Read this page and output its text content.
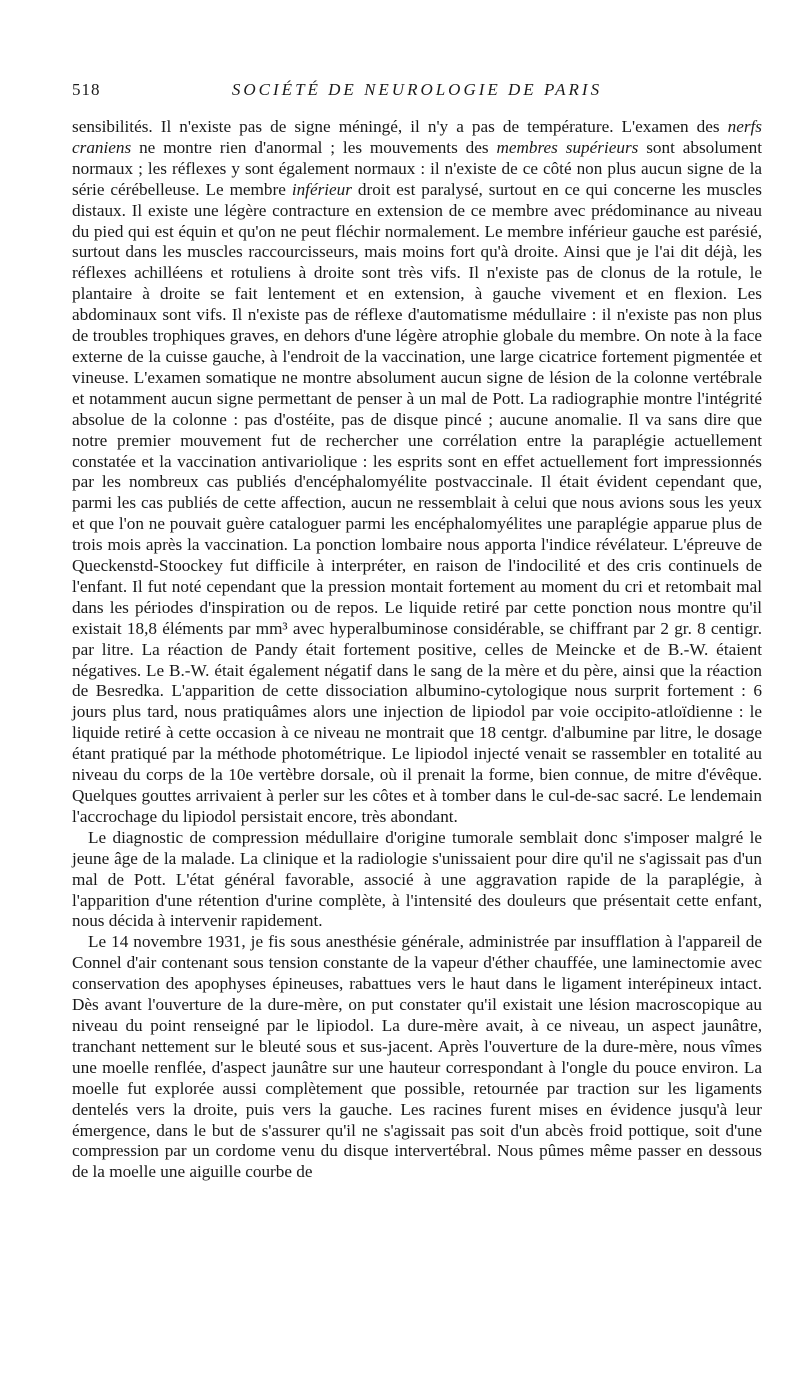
518	SOCIÉTÉ DE NEUROLOGIE DE PARIS

sensibilités. Il n'existe pas de signe méningé, il n'y a pas de température. L'examen des nerfs craniens ne montre rien d'anormal ; les mouvements des membres supérieurs sont absolument normaux ; les réflexes y sont également normaux : il n'existe de ce côté non plus aucun signe de la série cérébelleuse. Le membre inférieur droit est paralysé, surtout en ce qui concerne les muscles distaux. Il existe une légère contracture en extension de ce membre avec prédominance au niveau du pied qui est équin et qu'on ne peut fléchir normalement. Le membre inférieur gauche est parésié, surtout dans les muscles raccourcisseurs, mais moins fort qu'à droite. Ainsi que je l'ai dit déjà, les réflexes achilléens et rotuliens à droite sont très vifs. Il n'existe pas de clonus de la rotule, le plantaire à droite se fait lentement et en extension, à gauche vivement et en flexion. Les abdominaux sont vifs. Il n'existe pas de réflexe d'automatisme médullaire : il n'existe pas non plus de troubles trophiques graves, en dehors d'une légère atrophie globale du membre. On note à la face externe de la cuisse gauche, à l'endroit de la vaccination, une large cicatrice fortement pigmentée et vineuse. L'examen somatique ne montre absolument aucun signe de lésion de la colonne vertébrale et notamment aucun signe permettant de penser à un mal de Pott. La radiographie montre l'intégrité absolue de la colonne : pas d'ostéite, pas de disque pincé ; aucune anomalie. Il va sans dire que notre premier mouvement fut de rechercher une corrélation entre la paraplégie actuellement constatée et la vaccination antivariolique : les esprits sont en effet actuellement fort impressionnés par les nombreux cas publiés d'encéphalomyélite postvaccinale. Il était évident cependant que, parmi les cas publiés de cette affection, aucun ne ressemblait à celui que nous avions sous les yeux et que l'on ne pouvait guère cataloguer parmi les encéphalomyélites une paraplégie apparue plus de trois mois après la vaccination. La ponction lombaire nous apporta l'indice révélateur. L'épreuve de Queckenstd-Stoockey fut difficile à interpréter, en raison de l'indocilité et des cris continuels de l'enfant. Il fut noté cependant que la pression montait fortement au moment du cri et retombait mal dans les périodes d'inspiration ou de repos. Le liquide retiré par cette ponction nous montre qu'il existait 18,8 éléments par mm³ avec hyperalbuminose considérable, se chiffrant par 2 gr. 8 centigr. par litre. La réaction de Pandy était fortement positive, celles de Meincke et de B.-W. étaient négatives. Le B.-W. était également négatif dans le sang de la mère et du père, ainsi que la réaction de Besredka. L'apparition de cette dissociation albumino-cytologique nous surprit fortement : 6 jours plus tard, nous pratiquâmes alors une injection de lipiodol par voie occipito-atloïdienne : le liquide retiré à cette occasion à ce niveau ne montrait que 18 centgr. d'albumine par litre, le dosage étant pratiqué par la méthode photométrique. Le lipiodol injecté venait se rassembler en totalité au niveau du corps de la 10e vertèbre dorsale, où il prenait la forme, bien connue, de mitre d'évêque. Quelques gouttes arrivaient à perler sur les côtes et à tomber dans le cul-de-sac sacré. Le lendemain l'accrochage du lipiodol persistait encore, très abondant.

Le diagnostic de compression médullaire d'origine tumorale semblait donc s'imposer malgré le jeune âge de la malade. La clinique et la radiologie s'unissaient pour dire qu'il ne s'agissait pas d'un mal de Pott. L'état général favorable, associé à une aggravation rapide de la paraplégie, à l'apparition d'une rétention d'urine complète, à l'intensité des douleurs que présentait cette enfant, nous décida à intervenir rapidement.

Le 14 novembre 1931, je fis sous anesthésie générale, administrée par insufflation à l'appareil de Connel d'air contenant sous tension constante de la vapeur d'éther chauffée, une laminectomie avec conservation des apophyses épineuses, rabattues vers le haut dans le ligament interépineux intact. Dès avant l'ouverture de la dure-mère, on put constater qu'il existait une lésion macroscopique au niveau du point renseigné par le lipiodol. La dure-mère avait, à ce niveau, un aspect jaunâtre, tranchant nettement sur le bleuté sous et sus-jacent. Après l'ouverture de la dure-mère, nous vîmes une moelle renflée, d'aspect jaunâtre sur une hauteur correspondant à l'ongle du pouce environ. La moelle fut explorée aussi complètement que possible, retournée par traction sur les ligaments dentelés vers la droite, puis vers la gauche. Les racines furent mises en évidence jusqu'à leur émergence, dans le but de s'assurer qu'il ne s'agissait pas soit d'un abcès froid pottique, soit d'une compression par un cordome venu du disque intervertébral. Nous pûmes même passer en dessous de la moelle une aiguille courbe de
